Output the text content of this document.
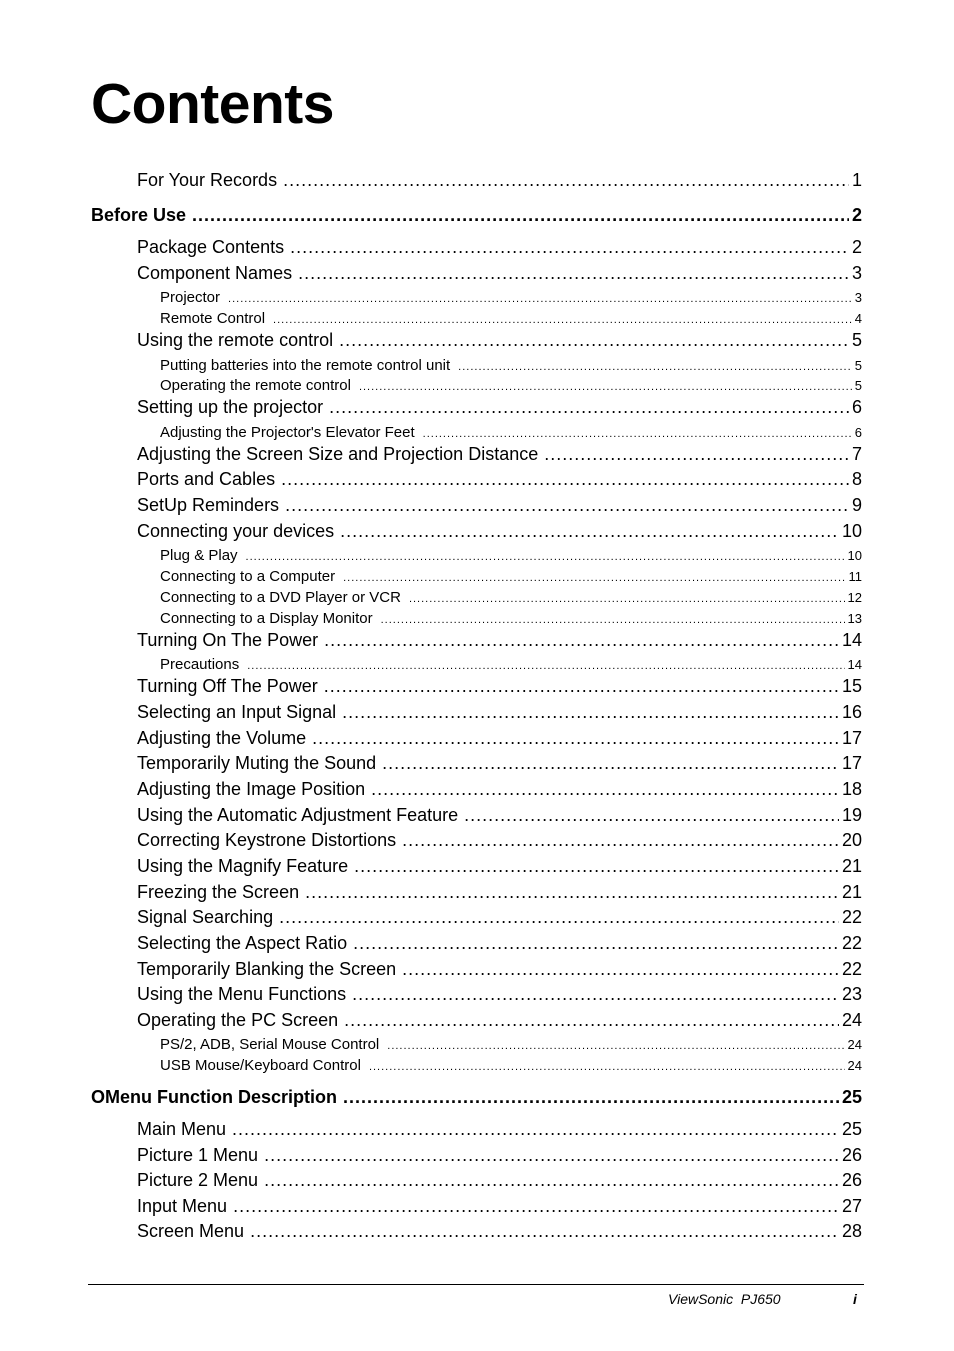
Contents
For Your Records .....	1
Before Use .....	2
Package Contents .....	2
Component Names .....	3
Projector .....	3
Remote Control .....	4
Using the remote control .....	5
Putting batteries into the remote control unit .....	5
Operating the remote control .....	5
Setting up the projector .....	6
Adjusting the Projector's Elevator Feet .....	6
Adjusting the Screen Size and Projection Distance .....	7
Ports and Cables .....	8
SetUp Reminders .....	9
Connecting your devices .....	10
Plug & Play .....	10
Connecting to a Computer .....	11
Connecting to a DVD Player or VCR .....	12
Connecting to a Display Monitor .....	13
Turning On The Power .....	14
Precautions .....	14
Turning Off The Power .....	15
Selecting an Input Signal .....	16
Adjusting the Volume .....	17
Temporarily Muting the Sound .....	17
Adjusting the Image Position .....	18
Using the Automatic Adjustment Feature .....	19
Correcting Keystrone Distortions .....	20
Using the Magnify Feature .....	21
Freezing the Screen .....	21
Signal Searching .....	22
Selecting the Aspect Ratio .....	22
Temporarily Blanking the Screen .....	22
Using the Menu Functions .....	23
Operating the PC Screen .....	24
PS/2, ADB, Serial Mouse Control .....	24
USB Mouse/Keyboard Control .....	24
O Menu Function Description .....	25
Main Menu .....	25
Picture 1 Menu .....	26
Picture 2 Menu .....	26
Input Menu .....	27
Screen Menu .....	28
ViewSonic  PJ650	i
